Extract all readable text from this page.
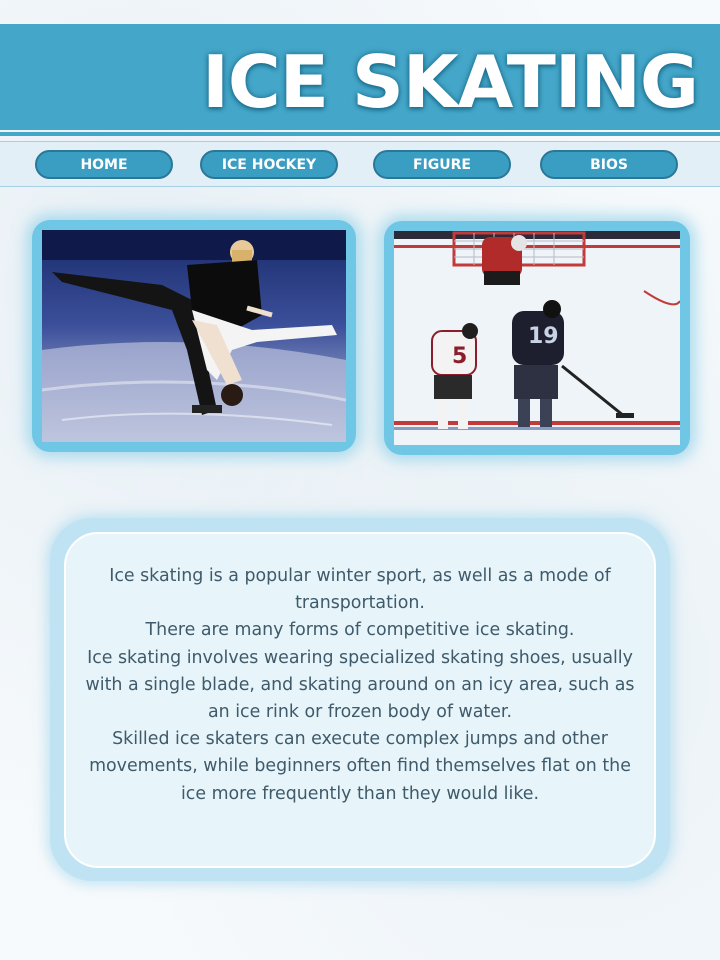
ICE SKATING
HOME	ICE HOCKEY	FIGURE	BIOS
5
19

Ice skating is a popular winter sport, as well as a mode of transportation.

There are many forms of competitive ice skating.

Ice skating involves wearing specialized skating shoes, usually with a single blade, and skating around on an icy area, such as an ice rink or frozen body of water.

Skilled ice skaters can execute complex jumps and other movements, while beginners often find themselves flat on the ice more frequently than they would like.
